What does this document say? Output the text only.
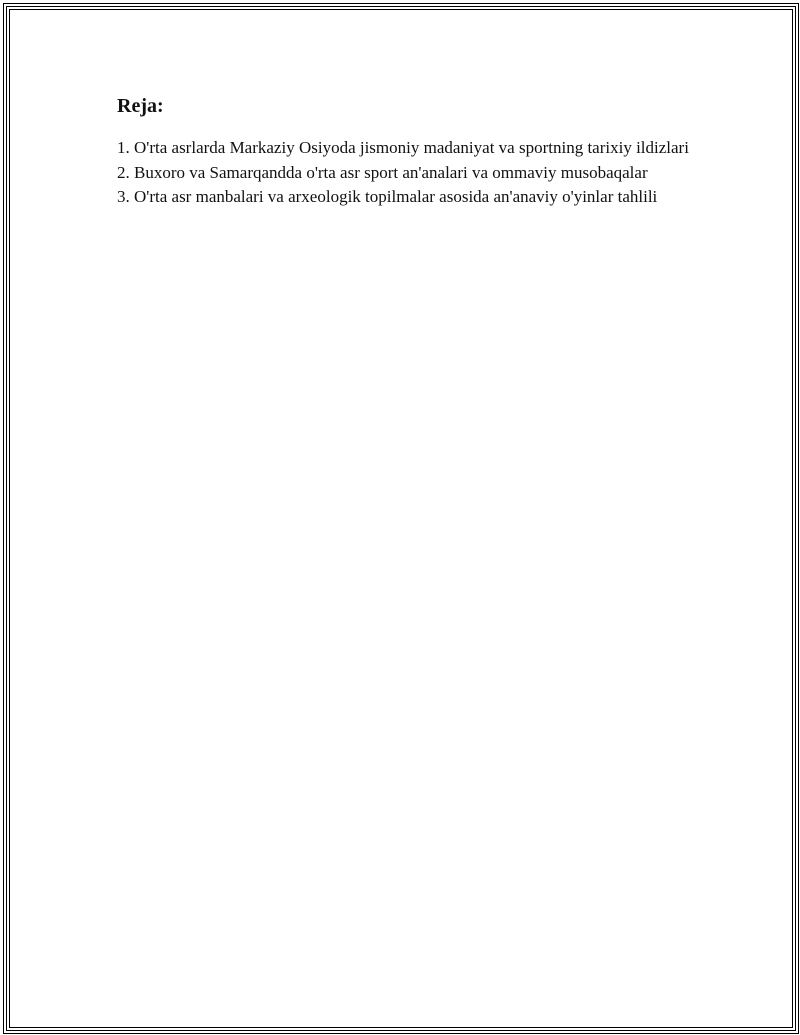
Reja:
1. O'rta asrlarda Markaziy Osiyoda jismoniy madaniyat va sportning tarixiy ildizlari
2. Buxoro va Samarqandda o'rta asr sport an'analari va ommaviy musobaqalar
3. O'rta asr manbalari va arxeologik topilmalar asosida an'anaviy o'yinlar tahlili
